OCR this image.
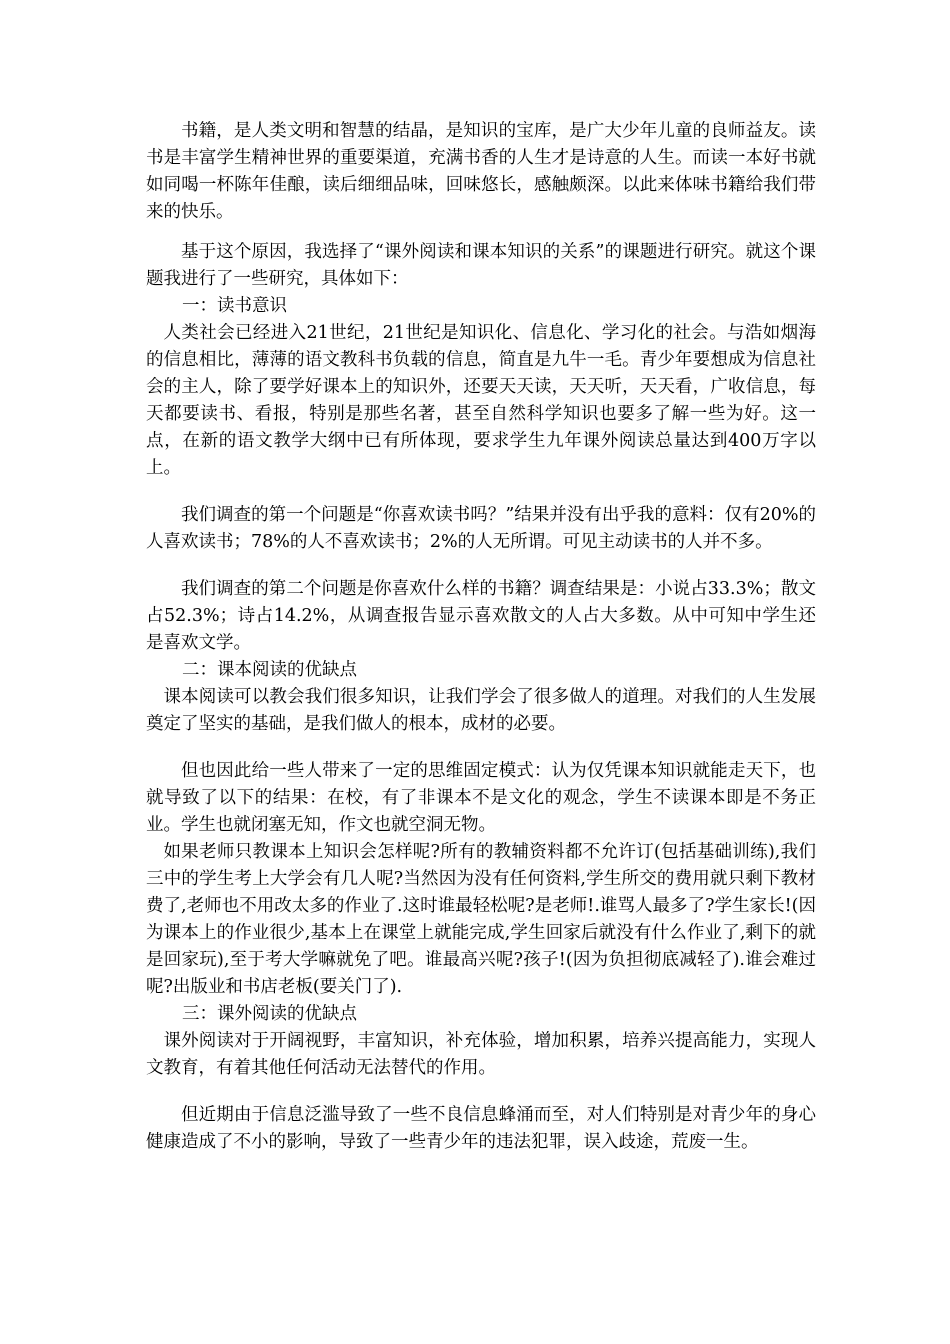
书籍，是人类文明和智慧的结晶，是知识的宝库，是广大少年儿童的良师益友。读书是丰富学生精神世界的重要渠道，充满书香的人生才是诗意的人生。而读一本好书就如同喝一杯陈年佳酿，读后细细品味，回味悠长，感触颇深。以此来体味书籍给我们带来的快乐。

基于这个原因，我选择了“课外阅读和课本知识的关系”的课题进行研究。就这个课题我进行了一些研究，具体如下：

一：读书意识

人类社会已经进入21世纪，21世纪是知识化、信息化、学习化的社会。与浩如烟海的信息相比，薄薄的语文教科书负载的信息，简直是九牛一毛。青少年要想成为信息社会的主人，除了要学好课本上的知识外，还要天天读，天天听，天天看，广收信息，每天都要读书、看报，特别是那些名著，甚至自然科学知识也要多了解一些为好。这一点，在新的语文教学大纲中已有所体现，要求学生九年课外阅读总量达到400万字以上。

我们调查的第一个问题是“你喜欢读书吗？”结果并没有出乎我的意料：仅有20%的人喜欢读书；78%的人不喜欢读书；2%的人无所谓。可见主动读书的人并不多。

我们调查的第二个问题是你喜欢什么样的书籍？调查结果是：小说占33.3%；散文占52.3%；诗占14.2%，从调查报告显示喜欢散文的人占大多数。从中可知中学生还是喜欢文学。

二：课本阅读的优缺点

课本阅读可以教会我们很多知识，让我们学会了很多做人的道理。对我们的人生发展奠定了坚实的基础，是我们做人的根本，成材的必要。

但也因此给一些人带来了一定的思维固定模式：认为仅凭课本知识就能走天下，也就导致了以下的结果：在校，有了非课本不是文化的观念，学生不读课本即是不务正业。学生也就闭塞无知，作文也就空洞无物。

如果老师只教课本上知识会怎样呢?所有的教辅资料都不允许订(包括基础训练),我们三中的学生考上大学会有几人呢?当然因为没有任何资料,学生所交的费用就只剩下教材费了,老师也不用改太多的作业了.这时谁最轻松呢?是老师!.谁骂人最多了?学生家长!(因为课本上的作业很少,基本上在课堂上就能完成,学生回家后就没有什么作业了,剩下的就是回家玩),至于考大学嘛就免了吧。谁最高兴呢?孩子!(因为负担彻底减轻了).谁会难过呢?出版业和书店老板(要关门了).

三：课外阅读的优缺点

课外阅读对于开阔视野，丰富知识，补充体验，增加积累，培养兴提高能力，实现人文教育，有着其他任何活动无法替代的作用。

但近期由于信息泛滥导致了一些不良信息蜂涌而至，对人们特别是对青少年的身心健康造成了不小的影响，导致了一些青少年的违法犯罪，误入歧途，荒废一生。
